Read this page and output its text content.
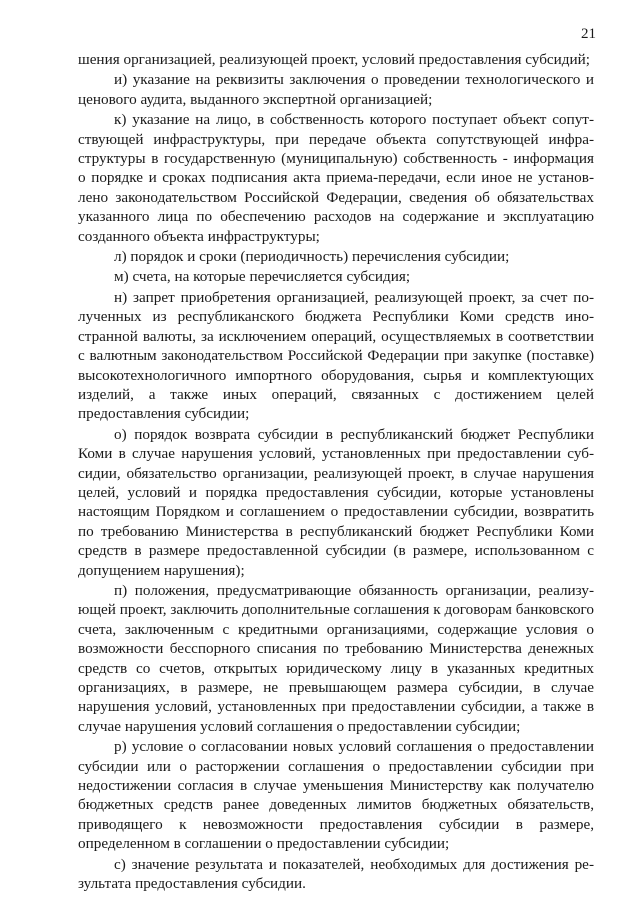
21

шения организацией, реализующей проект, условий предоставления субсидий;

и) указание на реквизиты заключения о проведении технологического и ценового аудита, выданного экспертной организацией;

к) указание на лицо, в собственность которого поступает объект сопутствующей инфраструктуры, при передаче объекта сопутствующей инфраструктуры в государственную (муниципальную) собственность - информация о порядке и сроках подписания акта приема-передачи, если иное не установлено законодательством Российской Федерации, сведения об обязательствах указанного лица по обеспечению расходов на содержание и эксплуатацию созданного объекта инфраструктуры;

л) порядок и сроки (периодичность) перечисления субсидии;

м) счета, на которые перечисляется субсидия;

н) запрет приобретения организацией, реализующей проект, за счет полученных из республиканского бюджета Республики Коми средств иностранной валюты, за исключением операций, осуществляемых в соответствии с валютным законодательством Российской Федерации при закупке (поставке) высокотехнологичного импортного оборудования, сырья и комплектующих изделий, а также иных операций, связанных с достижением целей предоставления субсидии;

о) порядок возврата субсидии в республиканский бюджет Республики Коми в случае нарушения условий, установленных при предоставлении субсидии, обязательство организации, реализующей проект, в случае нарушения целей, условий и порядка предоставления субсидии, которые установлены настоящим Порядком и соглашением о предоставлении субсидии, возвратить по требованию Министерства в республиканский бюджет Республики Коми средств в размере предоставленной субсидии (в размере, использованном с допущением нарушения);

п) положения, предусматривающие обязанность организации, реализующей проект, заключить дополнительные соглашения к договорам банковского счета, заключенным с кредитными организациями, содержащие условия о возможности бесспорного списания по требованию Министерства денежных средств со счетов, открытых юридическому лицу в указанных кредитных организациях, в размере, не превышающем размера субсидии, в случае нарушения условий, установленных при предоставлении субсидии, а также в случае нарушения условий соглашения о предоставлении субсидии;

р) условие о согласовании новых условий соглашения о предоставлении субсидии или о расторжении соглашения о предоставлении субсидии при недостижении согласия в случае уменьшения Министерству как получателю бюджетных средств ранее доведенных лимитов бюджетных обязательств, приводящего к невозможности предоставления субсидии в размере, определенном в соглашении о предоставлении субсидии;

с) значение результата и показателей, необходимых для достижения результата предоставления субсидии.
